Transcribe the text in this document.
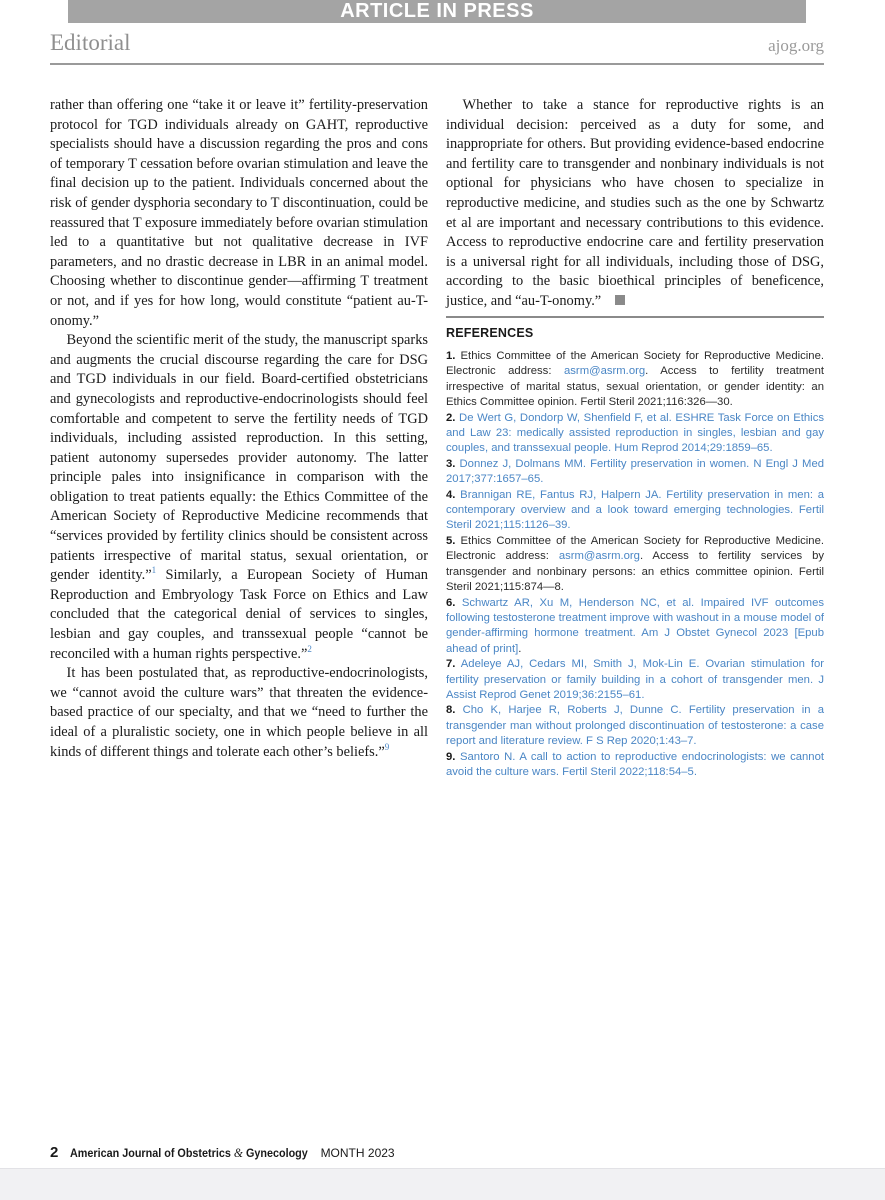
ARTICLE IN PRESS
Editorial	ajog.org

rather than offering one “take it or leave it” fertility-preservation protocol for TGD individuals already on GAHT, reproductive specialists should have a discussion regarding the pros and cons of temporary T cessation before ovarian stimulation and leave the final decision up to the patient. Individuals concerned about the risk of gender dysphoria secondary to T discontinuation, could be reassured that T exposure immediately before ovarian stimulation led to a quantitative but not qualitative decrease in IVF parameters, and no drastic decrease in LBR in an animal model. Choosing whether to discontinue gender—affirming T treatment or not, and if yes for how long, would constitute “patient au-T-onomy.”

Beyond the scientific merit of the study, the manuscript sparks and augments the crucial discourse regarding the care for DSG and TGD individuals in our field. Board-certified obstetricians and gynecologists and reproductive-endocrinologists should feel comfortable and competent to serve the fertility needs of TGD individuals, including assisted reproduction. In this setting, patient autonomy supersedes provider autonomy. The latter principle pales into insignificance in comparison with the obligation to treat patients equally: the Ethics Committee of the American Society of Reproductive Medicine recommends that “services provided by fertility clinics should be consistent across patients irrespective of marital status, sexual orientation, or gender identity.”$^1$ Similarly, a European Society of Human Reproduction and Embryology Task Force on Ethics and Law concluded that the categorical denial of services to singles, lesbian and gay couples, and transsexual people “cannot be reconciled with a human rights perspective.”$^2$

It has been postulated that, as reproductive-endocrinologists, we “cannot avoid the culture wars” that threaten the evidence-based practice of our specialty, and that we “need to further the ideal of a pluralistic society, one in which people believe in all kinds of different things and tolerate each other’s beliefs.”$^9$

Whether to take a stance for reproductive rights is an individual decision: perceived as a duty for some, and inappropriate for others. But providing evidence-based endocrine and fertility care to transgender and nonbinary individuals is not optional for physicians who have chosen to specialize in reproductive medicine, and studies such as the one by Schwartz et al are important and necessary contributions to this evidence. Access to reproductive endocrine care and fertility preservation is a universal right for all individuals, including those of DSG, according to the basic bioethical principles of beneficence, justice, and “au-T-onomy.”

REFERENCES
1. Ethics Committee of the American Society for Reproductive Medicine. Electronic address: asrm@asrm.org. Access to fertility treatment irrespective of marital status, sexual orientation, or gender identity: an Ethics Committee opinion. Fertil Steril 2021;116:326—30.
2. De Wert G, Dondorp W, Shenfield F, et al. ESHRE Task Force on Ethics and Law 23: medically assisted reproduction in singles, lesbian and gay couples, and transsexual people. Hum Reprod 2014;29:1859–65.
3. Donnez J, Dolmans MM. Fertility preservation in women. N Engl J Med 2017;377:1657–65.
4. Brannigan RE, Fantus RJ, Halpern JA. Fertility preservation in men: a contemporary overview and a look toward emerging technologies. Fertil Steril 2021;115:1126–39.
5. Ethics Committee of the American Society for Reproductive Medicine. Electronic address: asrm@asrm.org. Access to fertility services by transgender and nonbinary persons: an ethics committee opinion. Fertil Steril 2021;115:874—8.
6. Schwartz AR, Xu M, Henderson NC, et al. Impaired IVF outcomes following testosterone treatment improve with washout in a mouse model of gender-affirming hormone treatment. Am J Obstet Gynecol 2023 [Epub ahead of print].
7. Adeleye AJ, Cedars MI, Smith J, Mok-Lin E. Ovarian stimulation for fertility preservation or family building in a cohort of transgender men. J Assist Reprod Genet 2019;36:2155–61.
8. Cho K, Harjee R, Roberts J, Dunne C. Fertility preservation in a transgender man without prolonged discontinuation of testosterone: a case report and literature review. F S Rep 2020;1:43–7.
9. Santoro N. A call to action to reproductive endocrinologists: we cannot avoid the culture wars. Fertil Steril 2022;118:54–5.
2 American Journal of Obstetrics & Gynecology MONTH 2023
